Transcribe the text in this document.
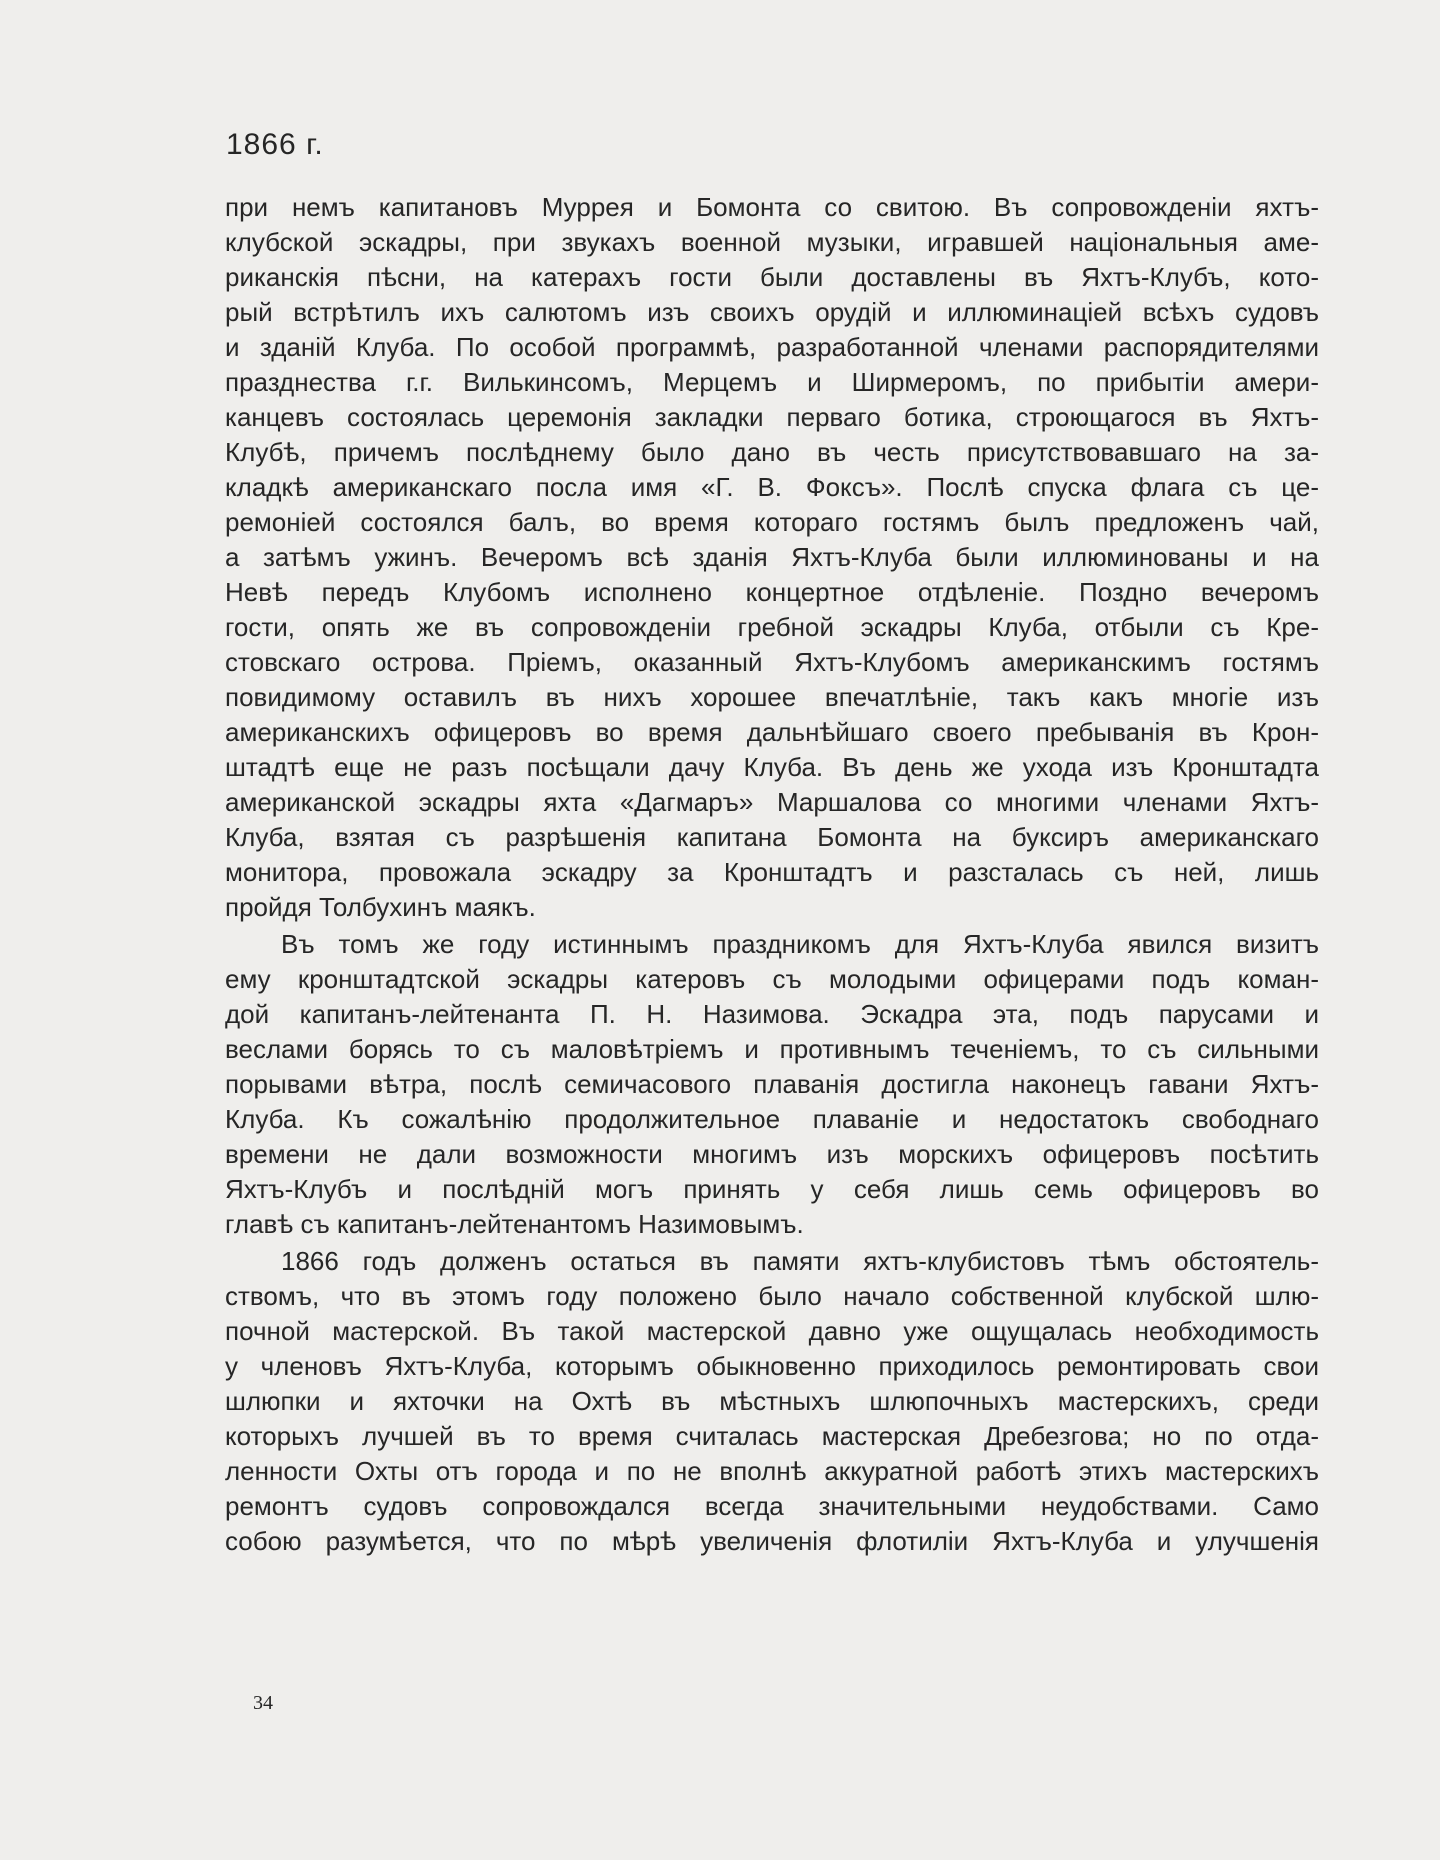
1866 г.
при немъ капитановъ Муррея и Бомонта со свитою. Въ сопровожденiи яхтъ-
клубской эскадры, при звукахъ военной музыки, игравшей нацiональныя аме-
риканскiя пѣсни, на катерахъ гости были доставлены въ Яхтъ-Клубъ, кото-
рый встрѣтилъ ихъ салютомъ изъ своихъ орудiй и иллюминацiей всѣхъ судовъ
и зданiй Клуба. По особой программѣ, разработанной членами распорядителями
празднества г.г. Вилькинсомъ, Мерцемъ и Ширмеромъ, по прибытiи амери-
канцевъ состоялась церемонiя закладки перваго ботика, строющагося въ Яхтъ-
Клубѣ, причемъ послѣднему было дано въ честь присутствовавшаго на за-
кладкѣ американскаго посла имя «Г. В. Фоксъ». Послѣ спуска флага съ це-
ремонiей состоялся балъ, во время котораго гостямъ былъ предложенъ чай,
а затѣмъ ужинъ. Вечеромъ всѣ зданiя Яхтъ-Клуба были иллюминованы и на
Невѣ передъ Клубомъ исполнено концертное отдѣленiе. Поздно вечеромъ
гости, опять же въ сопровожденiи гребной эскадры Клуба, отбыли съ Кре-
стовскаго острова. Прiемъ, оказанный Яхтъ-Клубомъ американскимъ гостямъ
повидимому оставилъ въ нихъ хорошее впечатлѣнiе, такъ какъ многiе изъ
американскихъ офицеровъ во время дальнѣйшаго своего пребыванiя въ Крон-
штадтѣ еще не разъ посѣщали дачу Клуба. Въ день же ухода изъ Кронштадта
американской эскадры яхта «Дагмаръ» Маршалова со многими членами Яхтъ-
Клуба, взятая съ разрѣшенiя капитана Бомонта на буксиръ американскаго
монитора, провожала эскадру за Кронштадтъ и разсталась съ ней, лишь
пройдя Толбухинъ маякъ.
Въ томъ же году истиннымъ праздникомъ для Яхтъ-Клуба явился визитъ
ему кронштадтской эскадры катеровъ съ молодыми офицерами подъ коман-
дой капитанъ-лейтенанта П. Н. Назимова. Эскадра эта, подъ парусами и
веслами борясь то съ маловѣтрiемъ и противнымъ теченiемъ, то съ сильными
порывами вѣтра, послѣ семичасового плаванiя достигла наконецъ гавани Яхтъ-
Клуба. Къ сожалѣнiю продолжительное плаванiе и недостатокъ свободнаго
времени не дали возможности многимъ изъ морскихъ офицеровъ посѣтить
Яхтъ-Клубъ и послѣднiй могъ принять у себя лишь семь офицеровъ во
главѣ съ капитанъ-лейтенантомъ Назимовымъ.
1866 годъ долженъ остаться въ памяти яхтъ-клубистовъ тѣмъ обстоятель-
ствомъ, что въ этомъ году положено было начало собственной клубской шлю-
почной мастерской. Въ такой мастерской давно уже ощущалась необходимость
у членовъ Яхтъ-Клуба, которымъ обыкновенно приходилось ремонтировать свои
шлюпки и яхточки на Охтѣ въ мѣстныхъ шлюпочныхъ мастерскихъ, среди
которыхъ лучшей въ то время считалась мастерская Дребезгова; но по отда-
ленности Охты отъ города и по не вполнѣ аккуратной работѣ этихъ мастерскихъ
ремонтъ судовъ сопровождался всегда значительными неудобствами. Само
собою разумѣется, что по мѣрѣ увеличенiя флотилiи Яхтъ-Клуба и улучшенiя
34
